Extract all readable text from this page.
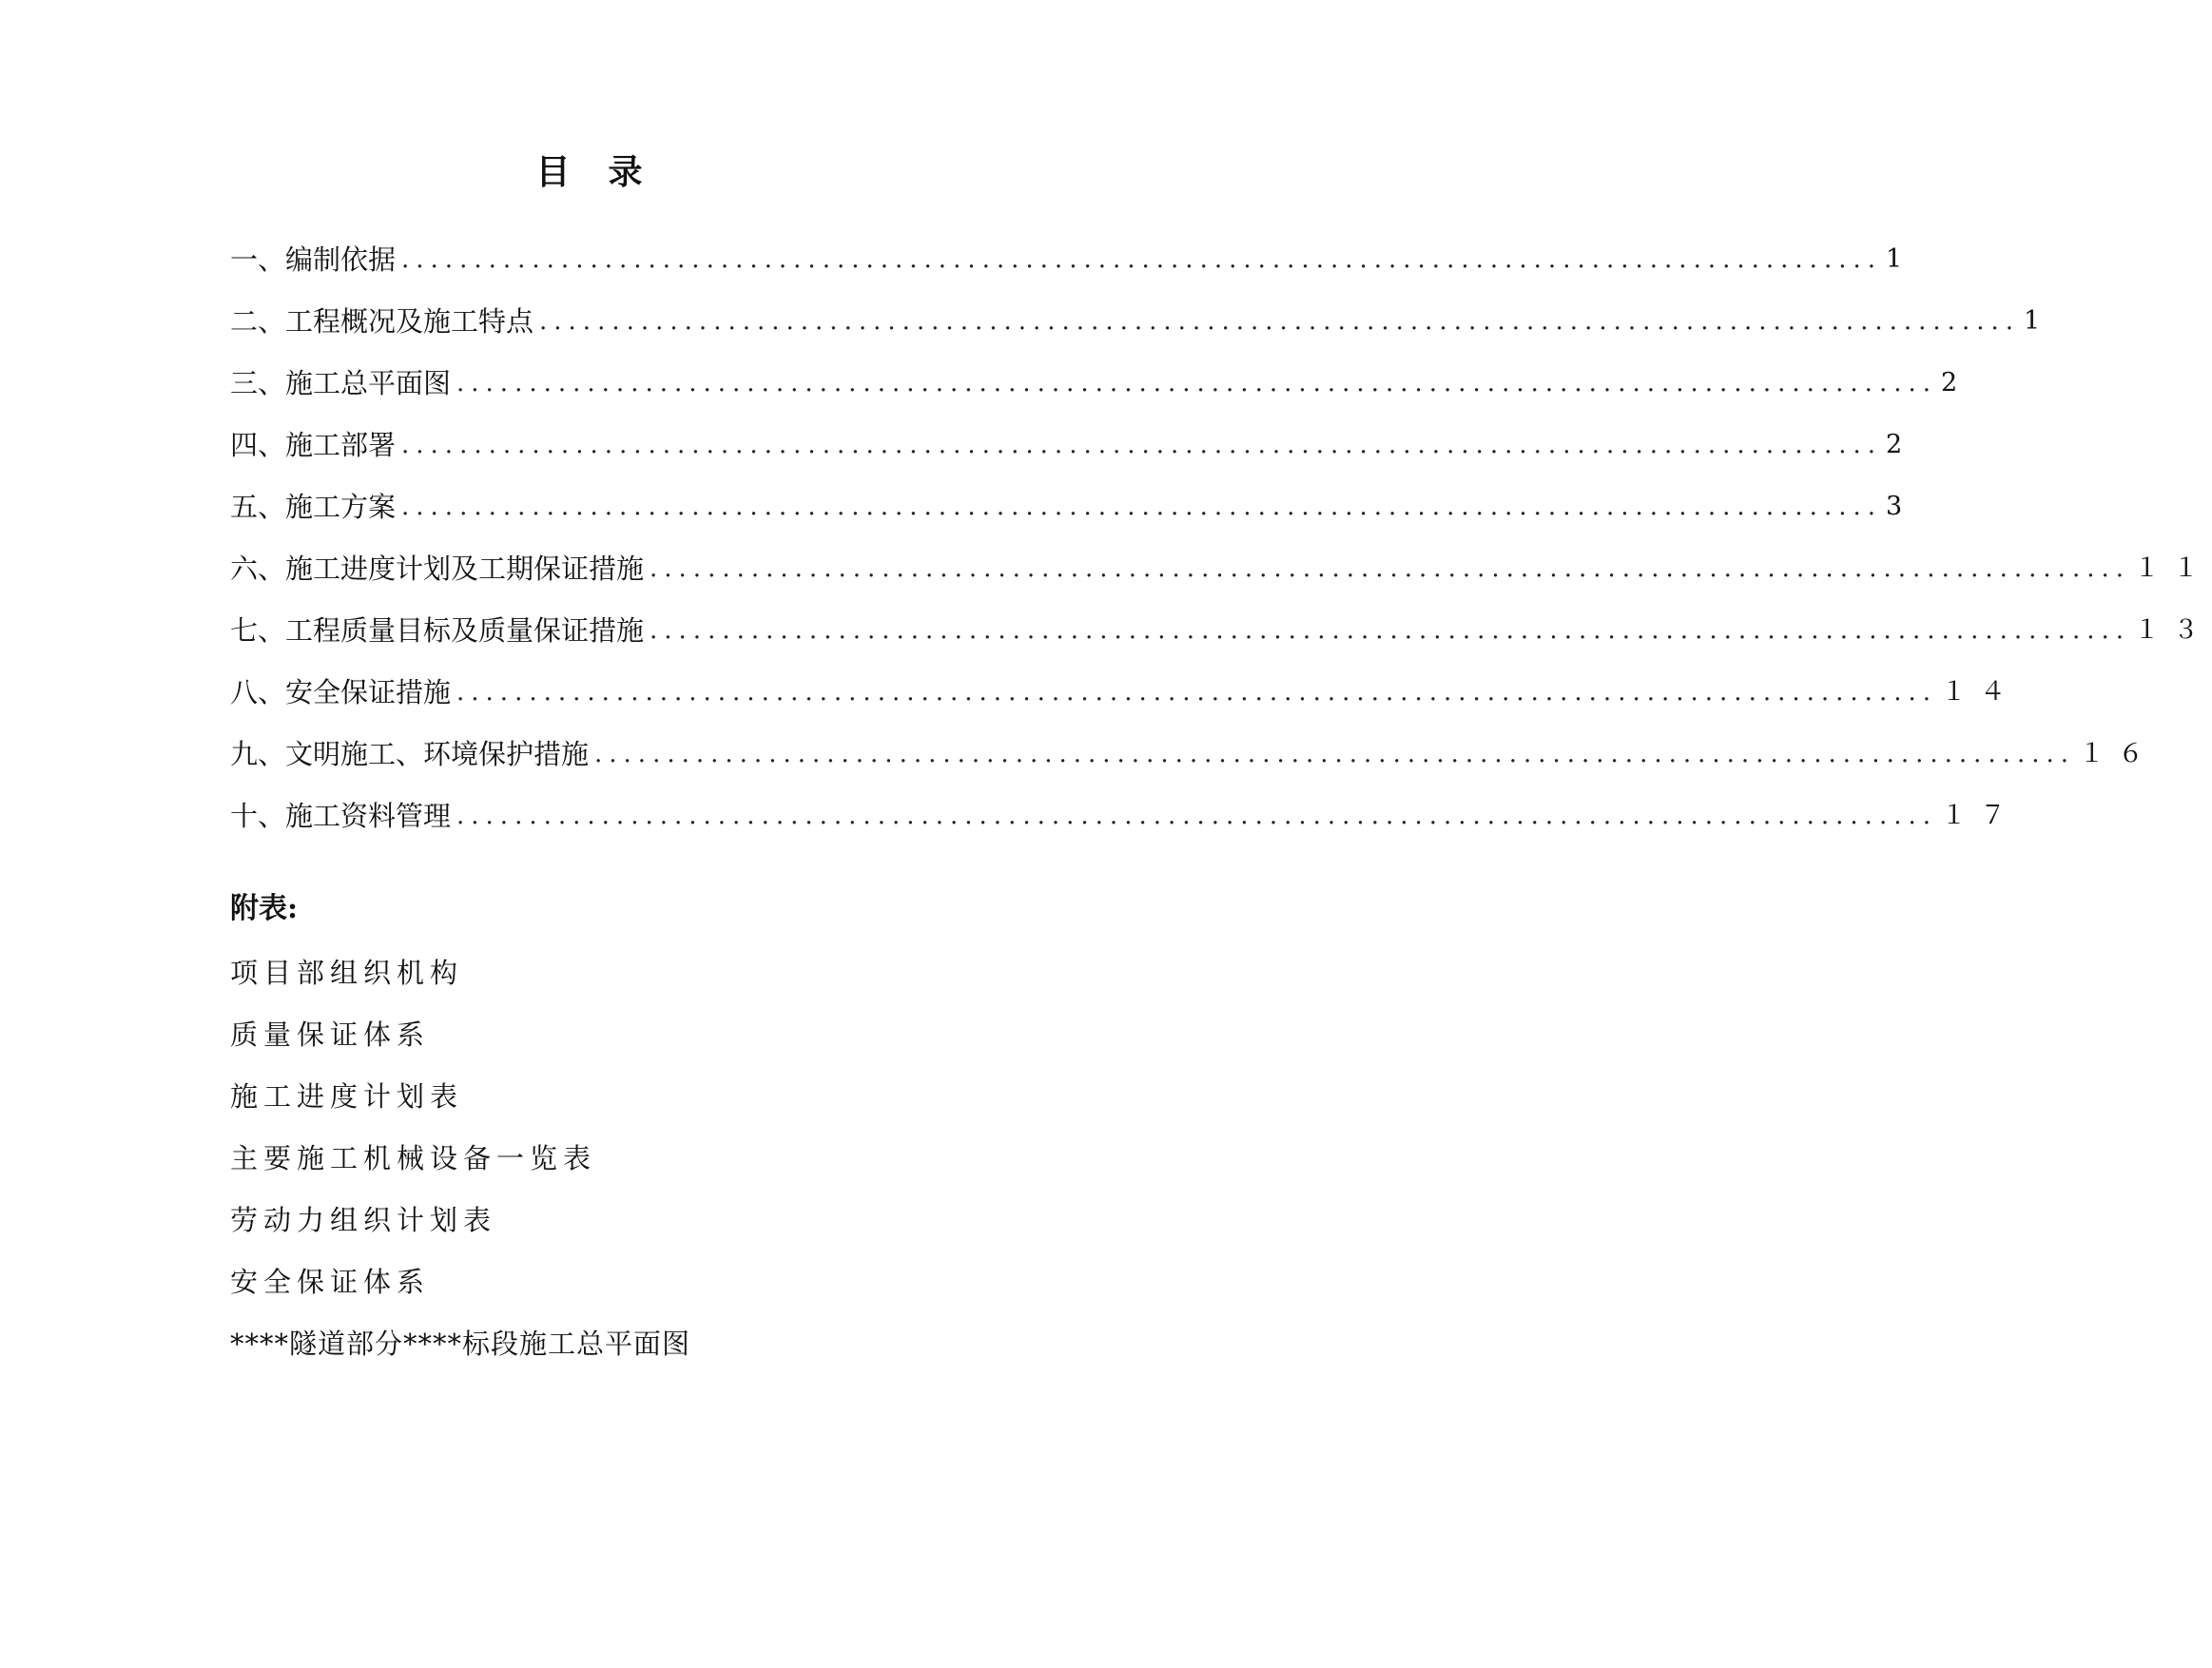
目　录
一、编制依据 ...................................................................................................... 1
二、工程概况及施工特点 ...................................................................................................... 1
三、施工总平面图 ...................................................................................................... 2
四、施工部署 ...................................................................................................... 2
五、施工方案 ...................................................................................................... 3
六、施工进度计划及工期保证措施 ...................................................................................................... １１
七、工程质量目标及质量保证措施 ...................................................................................................... １３
八、安全保证措施 ...................................................................................................... １４
九、文明施工、环境保护措施 ...................................................................................................... １６
十、施工资料管理 ...................................................................................................... １７
附表:
项目部组织机构
质量保证体系
施工进度计划表
主要施工机械设备一览表
劳动力组织计划表
安全保证体系
****隧道部分****标段施工总平面图
